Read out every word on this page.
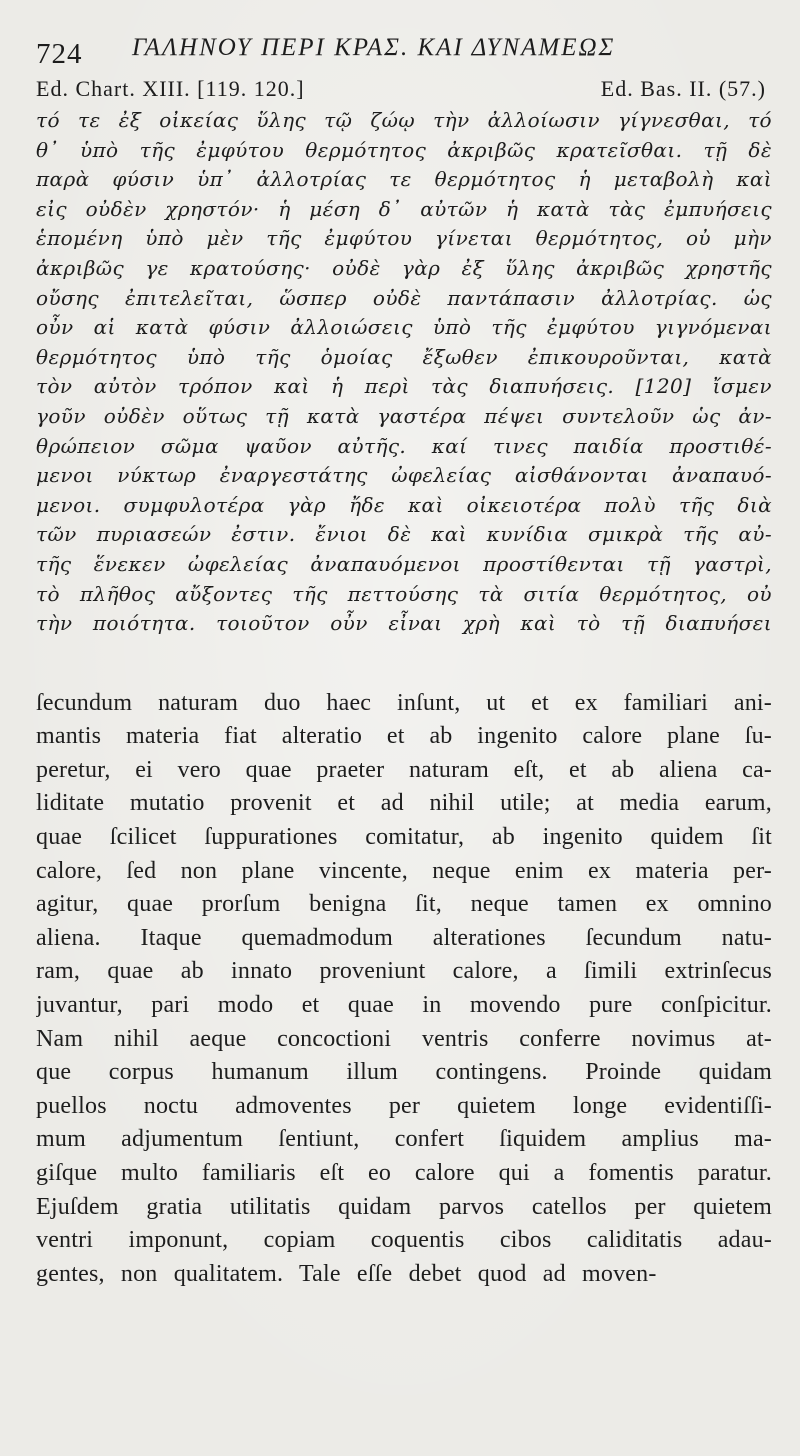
724 ΓΑΛΗΝΟΥ ΠΕΡΙ ΚΡΑΣ. ΚΑΙ ΔΥΝΑΜΕΩΣ
Ed. Chart. XIII. [119. 120.]	Ed. Bas. II. (57.)
τό τε ἐξ οἰκείας ὕλης τῷ ζώῳ τὴν ἀλλοίωσιν γίγνεσθαι, τό
θ᾽ ὑπὸ τῆς ἐμφύτου θερμότητος ἀκριβῶς κρατεῖσθαι. τῇ δὲ
παρὰ φύσιν ὑπ᾽ ἀλλοτρίας τε θερμότητος ἡ μεταβολὴ καὶ
εἰς οὐδὲν χρηστόν· ἡ μέση δ᾽ αὐτῶν ἡ κατὰ τὰς ἐμπυήσεις
ἑπομένη ὑπὸ μὲν τῆς ἐμφύτου γίνεται θερμότητος, οὐ μὴν
ἀκριβῶς γε κρατούσης· οὐδὲ γὰρ ἐξ ὕλης ἀκριβῶς χρηστῆς
οὔσης ἐπιτελεῖται, ὥσπερ οὐδὲ παντάπασιν ἀλλοτρίας. ὡς
οὖν αἱ κατὰ φύσιν ἀλλοιώσεις ὑπὸ τῆς ἐμφύτου γιγνόμεναι
θερμότητος ὑπὸ τῆς ὁμοίας ἔξωθεν ἐπικουροῦνται, κατὰ
τὸν αὐτὸν τρόπον καὶ ἡ περὶ τὰς διαπυήσεις. [120] ἴσμεν
γοῦν οὐδὲν οὕτως τῇ κατὰ γαστέρα πέψει συντελοῦν ὡς ἀν-
θρώπειον σῶμα ψαῦον αὐτῆς. καί τινες παιδία προστιθέ-
μενοι νύκτωρ ἐναργεστάτης ὠφελείας αἰσθάνονται ἀναπαυό-
μενοι. συμφυλοτέρα γὰρ ἤδε καὶ οἰκειοτέρα πολὺ τῆς διὰ
τῶν πυριασεών ἐστιν. ἔνιοι δὲ καὶ κυνίδια σμικρὰ τῆς αὐ-
τῆς ἕνεκεν ὠφελείας ἀναπαυόμενοι προστίθενται τῇ γαστρὶ,
τὸ πλῆθος αὔξοντες τῆς πεττούσης τὰ σιτία θερμότητος, οὐ
τὴν ποιότητα. τοιοῦτον οὖν εἶναι χρὴ καὶ τὸ τῇ διαπυήσει
ſecundum naturam duo haec inſunt, ut et ex familiari ani-
mantis materia fiat alteratio et ab ingenito calore plane ſu-
peretur, ei vero quae praeter naturam eſt, et ab aliena ca-
liditate mutatio provenit et ad nihil utile; at media earum,
quae ſcilicet ſuppurationes comitatur, ab ingenito quidem ſit
calore, ſed non plane vincente, neque enim ex materia per-
agitur, quae prorſum benigna ſit, neque tamen ex omnino
aliena. Itaque quemadmodum alterationes ſecundum natu-
ram, quae ab innato proveniunt calore, a ſimili extrinſecus
juvantur, pari modo et quae in movendo pure conſpicitur.
Nam nihil aeque concoctioni ventris conferre novimus at-
que corpus humanum illum contingens. Proinde quidam
puellos noctu admoventes per quietem longe evidentiſſi-
mum adjumentum ſentiunt, confert ſiquidem amplius ma-
giſque multo familiaris eſt eo calore qui a fomentis paratur.
Ejuſdem gratia utilitatis quidam parvos catellos per quietem
ventri imponunt, copiam coquentis cibos caliditatis adau-
gentes, non qualitatem. Tale eſſe debet quod ad moven-
